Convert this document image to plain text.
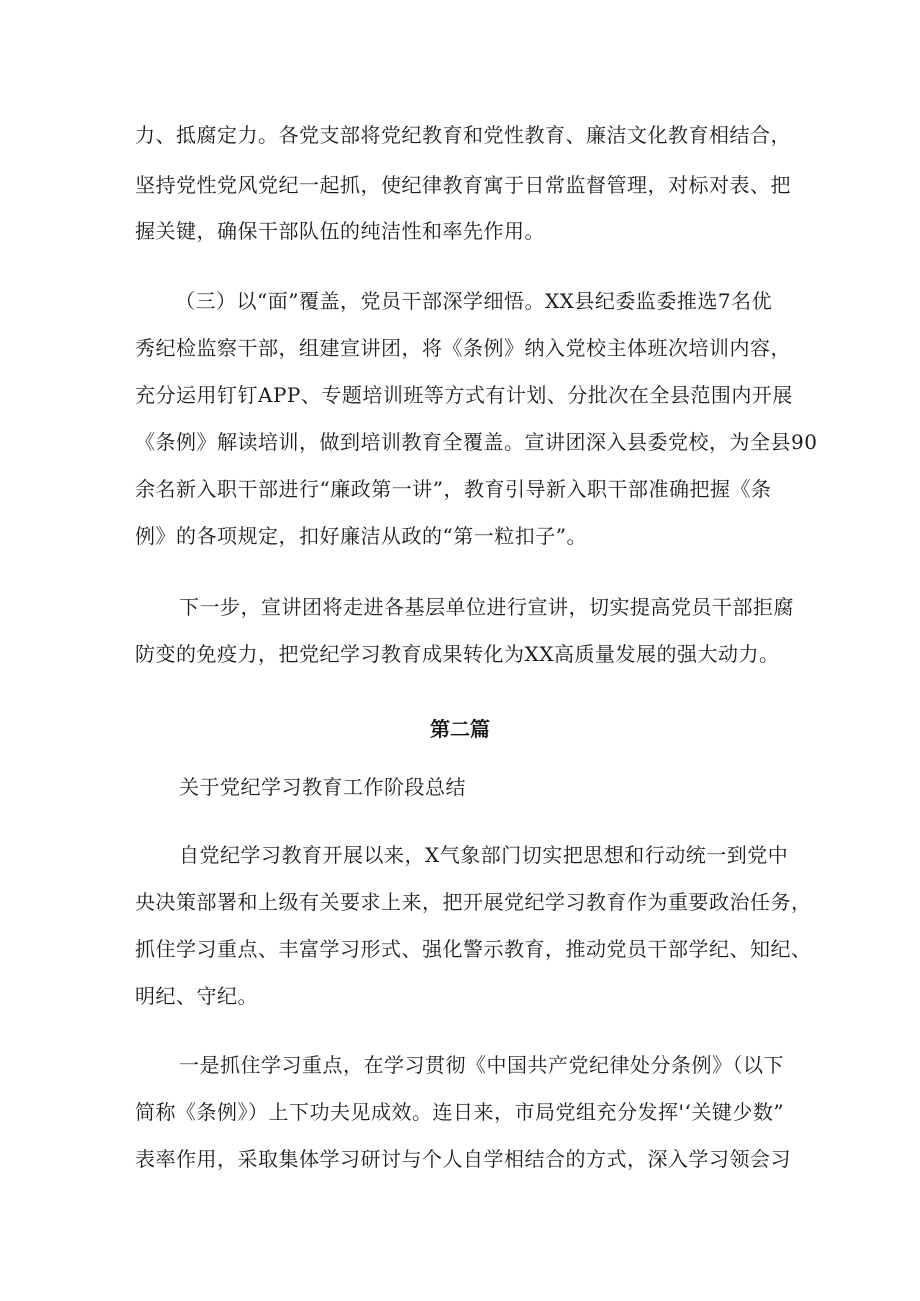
力、抵腐定力。各党支部将党纪教育和党性教育、廉洁文化教育相结合，
坚持党性党风党纪一起抓，使纪律教育寓于日常监督管理，对标对表、把
握关键，确保干部队伍的纯洁性和率先作用。
（三）以“面”覆盖，党员干部深学细悟。XX县纪委监委推选7名优
秀纪检监察干部，组建宣讲团，将《条例》纳入党校主体班次培训内容，
充分运用钉钉APP、专题培训班等方式有计划、分批次在全县范围内开展
《条例》解读培训，做到培训教育全覆盖。宣讲团深入县委党校，为全县90
余名新入职干部进行“廉政第一讲”，教育引导新入职干部准确把握《条
例》的各项规定，扣好廉洁从政的“第一粒扣子”。
下一步，宣讲团将走进各基层单位进行宣讲，切实提高党员干部拒腐
防变的免疫力，把党纪学习教育成果转化为XX高质量发展的强大动力。
第二篇
关于党纪学习教育工作阶段总结
自党纪学习教育开展以来，X气象部门切实把思想和行动统一到党中
央决策部署和上级有关要求上来，把开展党纪学习教育作为重要政治任务，
抓住学习重点、丰富学习形式、强化警示教育，推动党员干部学纪、知纪、
明纪、守纪。
一是抓住学习重点，在学习贯彻《中国共产党纪律处分条例》（以下
简称《条例》）上下功夫见成效。连日来，市局党组充分发挥'‘关键少数”
表率作用，采取集体学习研讨与个人自学相结合的方式，深入学习领会习
